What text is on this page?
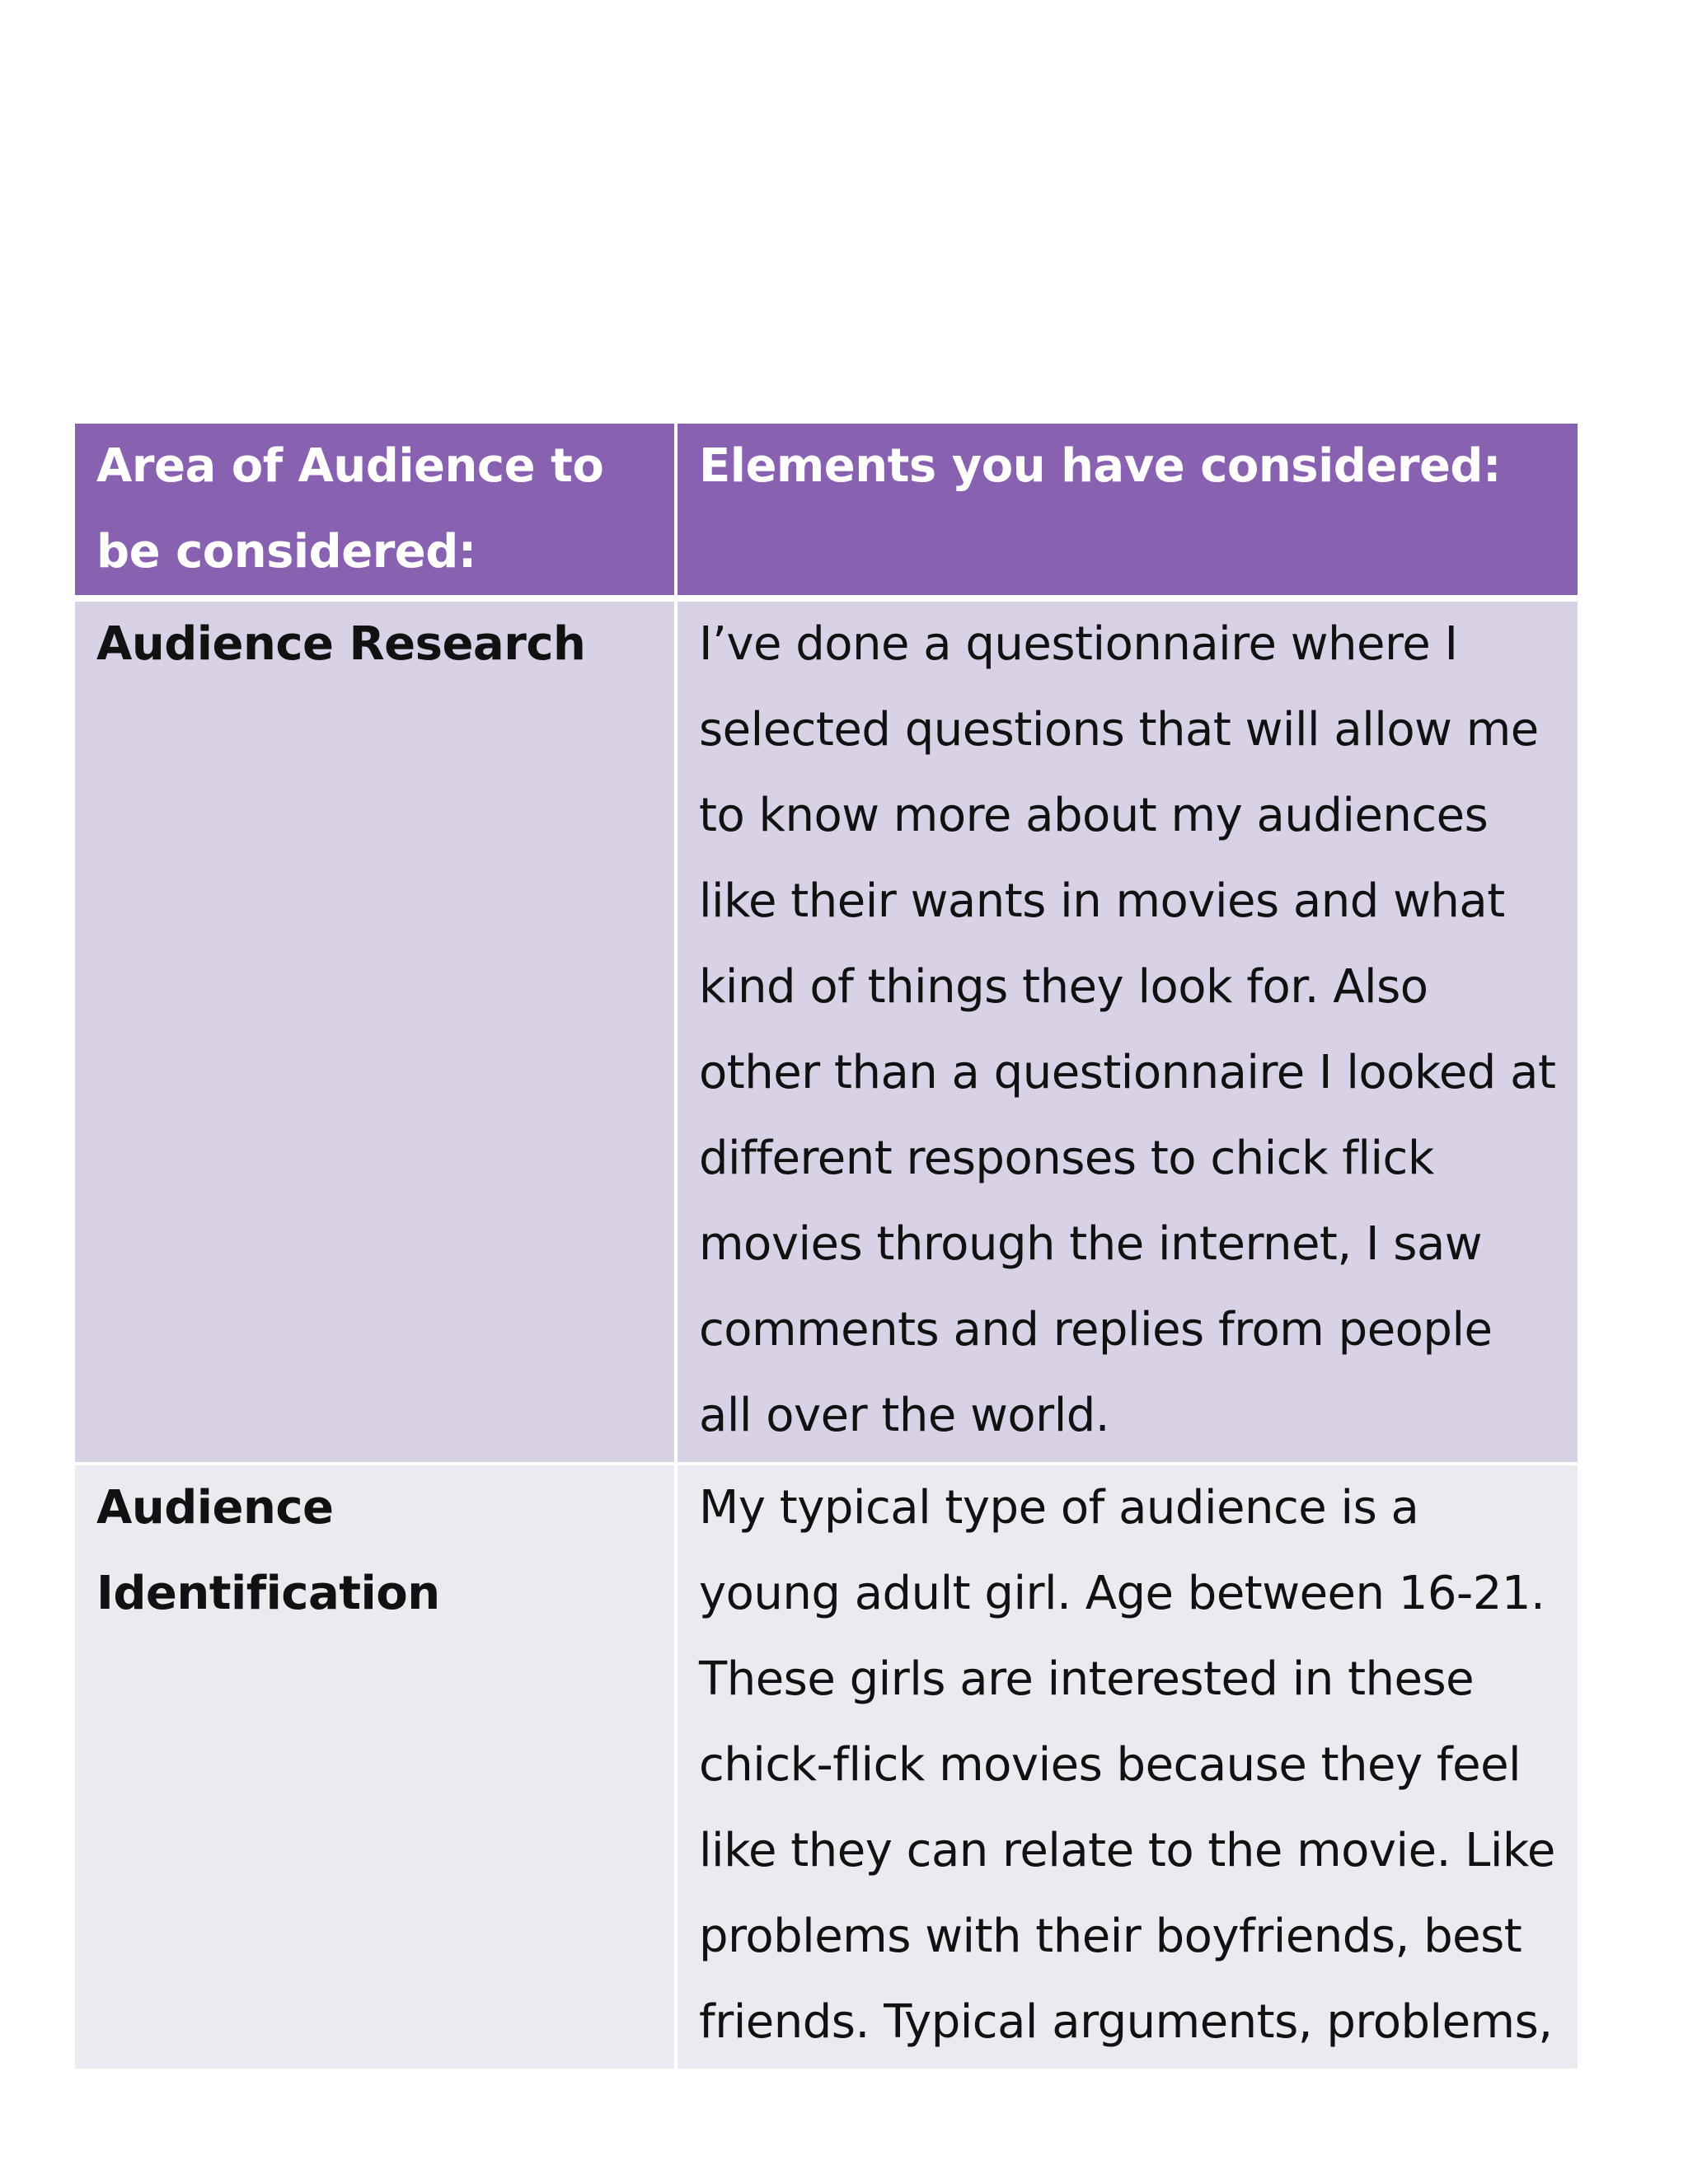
Area of Audience to be considered:	Elements you have considered:
Audience Research	I’ve done a questionnaire where I selected questions that will allow me to know more about my audiences like their wants in movies and what kind of things they look for. Also other than a questionnaire I looked at different responses to chick flick movies through the internet, I saw comments and replies from people all over the world.
Audience Identification	My typical type of audience is a young adult girl. Age between 16-21. These girls are interested in these chick-flick movies because they feel like they can relate to the movie. Like problems with their boyfriends, best friends. Typical arguments, problems,
